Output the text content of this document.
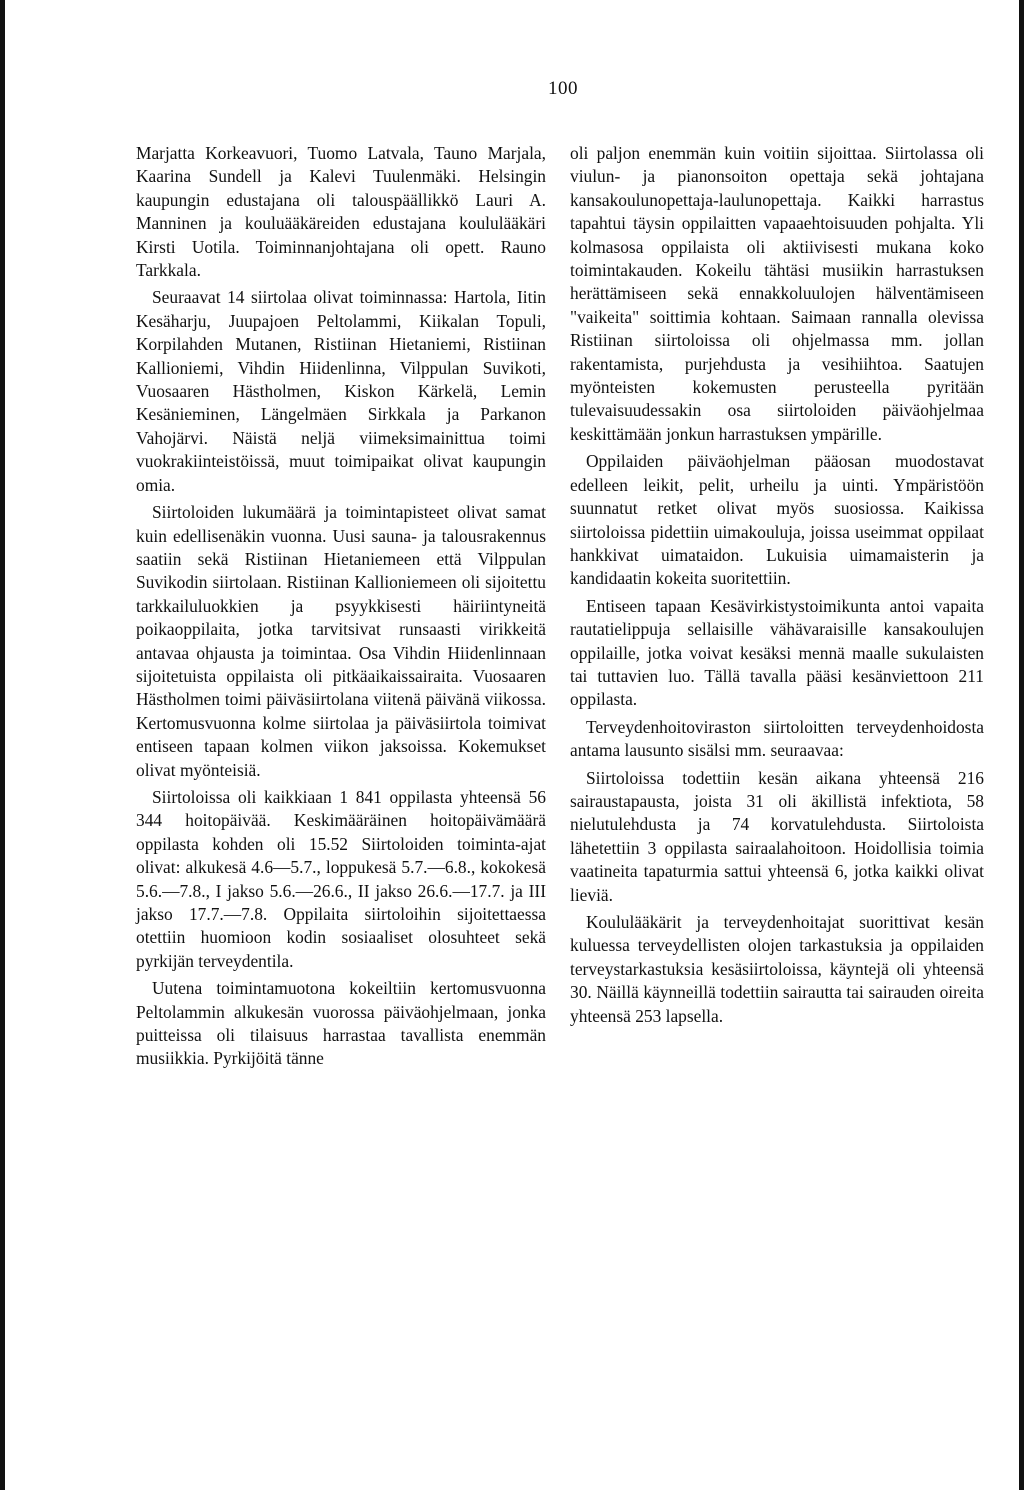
100

Marjatta Korkeavuori, Tuomo Latvala, Tauno Marjala, Kaarina Sundell ja Kalevi Tuulenmäki. Helsingin kaupungin edustajana oli talouspäällikkö Lauri A. Manninen ja kouluääkäreiden edustajana koululääkäri Kirsti Uotila. Toiminnanjohtajana oli opett. Rauno Tarkkala.

Seuraavat 14 siirtolaa olivat toiminnassa: Hartola, Iitin Kesäharju, Juupajoen Peltolammi, Kiikalan Topuli, Korpilahden Mutanen, Ristiinan Hietaniemi, Ristiinan Kallioniemi, Vihdin Hiidenlinna, Vilppulan Suvikoti, Vuosaaren Hästholmen, Kiskon Kärkelä, Lemin Kesänieminen, Längelmäen Sirkkala ja Parkanon Vahojärvi. Näistä neljä viimeksimainittua toimi vuokrakiinteistöissä, muut toimipaikat olivat kaupungin omia.

Siirtoloiden lukumäärä ja toimintapisteet olivat samat kuin edellisenäkin vuonna. Uusi sauna- ja talousrakennus saatiin sekä Ristiinan Hietaniemeen että Vilppulan Suvikodin siirtolaan. Ristiinan Kallioniemeen oli sijoitettu tarkkailuluokkien ja psyykkisesti häiriintyneitä poikaoppilaita, jotka tarvitsivat runsaasti virikkeitä antavaa ohjausta ja toimintaa. Osa Vihdin Hiidenlinnaan sijoitetuista oppilaista oli pitkäaikaissairaita. Vuosaaren Hästholmen toimi päiväsiirtolana viitenä päivänä viikossa. Kertomusvuonna kolme siirtolaa ja päiväsiirtola toimivat entiseen tapaan kolmen viikon jaksoissa. Kokemukset olivat myönteisiä.

Siirtoloissa oli kaikkiaan 1 841 oppilasta yhteensä 56 344 hoitopäivää. Keskimääräinen hoitopäivämäärä oppilasta kohden oli 15.52 Siirtoloiden toiminta-ajat olivat: alkukesä 4.6—5.7., loppukesä 5.7.—6.8., kokokesä 5.6.—7.8., I jakso 5.6.—26.6., II jakso 26.6.—17.7. ja III jakso 17.7.—7.8. Oppilaita siirtoloihin sijoitettaessa otettiin huomioon kodin sosiaaliset olosuhteet sekä pyrkijän terveydentila.

Uutena toimintamuotona kokeiltiin kertomusvuonna Peltolammin alkukesän vuorossa päiväohjelmaan, jonka puitteissa oli tilaisuus harrastaa tavallista enemmän musiikkia. Pyrkijöitä tänne

oli paljon enemmän kuin voitiin sijoittaa. Siirtolassa oli viulun- ja pianonsoiton opettaja sekä johtajana kansakoulunopettaja-laulunopettaja. Kaikki harrastus tapahtui täysin oppilaitten vapaaehtoisuuden pohjalta. Yli kolmasosa oppilaista oli aktiivisesti mukana koko toimintakauden. Kokeilu tähtäsi musiikin harrastuksen herättämiseen sekä ennakkoluulojen hälventämiseen "vaikeita" soittimia kohtaan. Saimaan rannalla olevissa Ristiinan siirtoloissa oli ohjelmassa mm. jollan rakentamista, purjehdusta ja vesihiihtoa. Saatujen myönteisten kokemusten perusteella pyritään tulevaisuudessakin osa siirtoloiden päiväohjelmaa keskittämään jonkun harrastuksen ympärille.

Oppilaiden päiväohjelman pääosan muodostavat edelleen leikit, pelit, urheilu ja uinti. Ympäristöön suunnatut retket olivat myös suosiossa. Kaikissa siirtoloissa pidettiin uimakouluja, joissa useimmat oppilaat hankkivat uimataidon. Lukuisia uimamaisterin ja kandidaatin kokeita suoritettiin.

Entiseen tapaan Kesävirkistystoimikunta antoi vapaita rautatielippuja sellaisille vähävaraisille kansakoulujen oppilaille, jotka voivat kesäksi mennä maalle sukulaisten tai tuttavien luo. Tällä tavalla pääsi kesänviettoon 211 oppilasta.

Terveydenhoitoviraston siirtoloitten terveydenhoidosta antama lausunto sisälsi mm. seuraavaa:

Siirtoloissa todettiin kesän aikana yhteensä 216 sairaustapausta, joista 31 oli äkillistä infektiota, 58 nielutulehdusta ja 74 korvatulehdusta. Siirtoloista lähetettiin 3 oppilasta sairaalahoitoon. Hoidollisia toimia vaatineita tapaturmia sattui yhteensä 6, jotka kaikki olivat lieviä.

Koululääkärit ja terveydenhoitajat suorittivat kesän kuluessa terveydellisten olojen tarkastuksia ja oppilaiden terveystarkastuksia kesäsiirtoloissa, käyntejä oli yhteensä 30. Näillä käynneillä todettiin sairautta tai sairauden oireita yhteensä 253 lapsella.
